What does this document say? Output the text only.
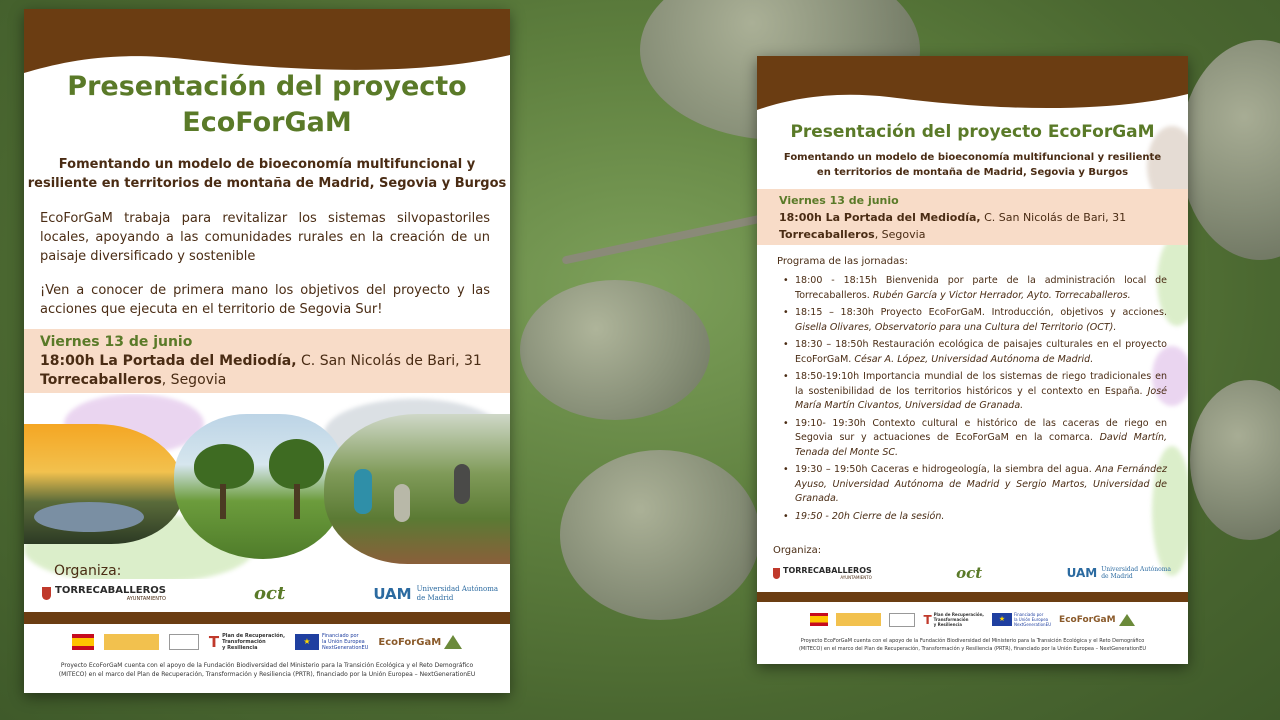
Presentación del proyecto
EcoForGaM
Fomentando un modelo de bioeconomía multifuncional y
resiliente en territorios de montaña de Madrid, Segovia y Burgos
EcoForGaM trabaja para revitalizar los sistemas silvopastoriles locales, apoyando a las comunidades rurales en la creación de un paisaje diversificado y sostenible
¡Ven a conocer de primera mano los objetivos del proyecto y las acciones que ejecuta en el territorio de Segovia Sur!
Viernes 13 de junio
18:00h La Portada del Mediodía, C. San Nicolás de Bari, 31
Torrecaballeros, Segovia
Organiza:
TORRECABALLEROS
AYUNTAMIENTO	oct	UAM Universidad Autónoma
de Madrid
T Plan de Recuperación,
Transformación
y Resiliencia
★
Financiado por
la Unión Europea
NextGenerationEU
EcoForGaM
Proyecto EcoForGaM cuenta con el apoyo de la Fundación Biodiversidad del Ministerio para la Transición Ecológica y el Reto Demográfico
(MITECO) en el marco del Plan de Recuperación, Transformación y Resiliencia (PRTR), financiado por la Unión Europea – NextGenerationEU
Presentación del proyecto EcoForGaM
Fomentando un modelo de bioeconomía multifuncional y resiliente
en territorios de montaña de Madrid, Segovia y Burgos
Viernes 13 de junio
18:00h La Portada del Mediodía, C. San Nicolás de Bari, 31
Torrecaballeros, Segovia
Programa de las jornadas:
• 18:00 - 18:15h Bienvenida por parte de la administración local de Torrecaballeros. Rubén García y Victor Herrador, Ayto. Torrecaballeros.
• 18:15 – 18:30h Proyecto EcoForGaM. Introducción, objetivos y acciones. Gisella Olivares, Observatorio para una Cultura del Territorio (OCT).
• 18:30 – 18:50h Restauración ecológica de paisajes culturales en el proyecto EcoForGaM. César A. López, Universidad Autónoma de Madrid.
• 18:50-19:10h Importancia mundial de los sistemas de riego tradicionales en la sostenibilidad de los territorios históricos y el contexto en España. José María Martín Civantos, Universidad de Granada.
• 19:10- 19:30h Contexto cultural e histórico de las caceras de riego en Segovia sur y actuaciones de EcoForGaM en la comarca. David Martín, Tenada del Monte SC.
• 19:30 – 19:50h Caceras e hidrogeología, la siembra del agua. Ana Fernández Ayuso, Universidad Autónoma de Madrid y Sergio Martos, Universidad de Granada.
• 19:50 - 20h Cierre de la sesión.
Organiza:
TORRECABALLEROS
AYUNTAMIENTO	oct	UAM Universidad Autónoma
de Madrid
T Plan de Recuperación,
Transformación
y Resiliencia
★
Financiado por
la Unión Europea
NextGenerationEU EcoForGaM
Proyecto EcoForGaM cuenta con el apoyo de la Fundación Biodiversidad del Ministerio para la Transición Ecológica y el Reto Demográfico
(MITECO) en el marco del Plan de Recuperación, Transformación y Resiliencia (PRTR), financiado por la Unión Europea – NextGenerationEU
